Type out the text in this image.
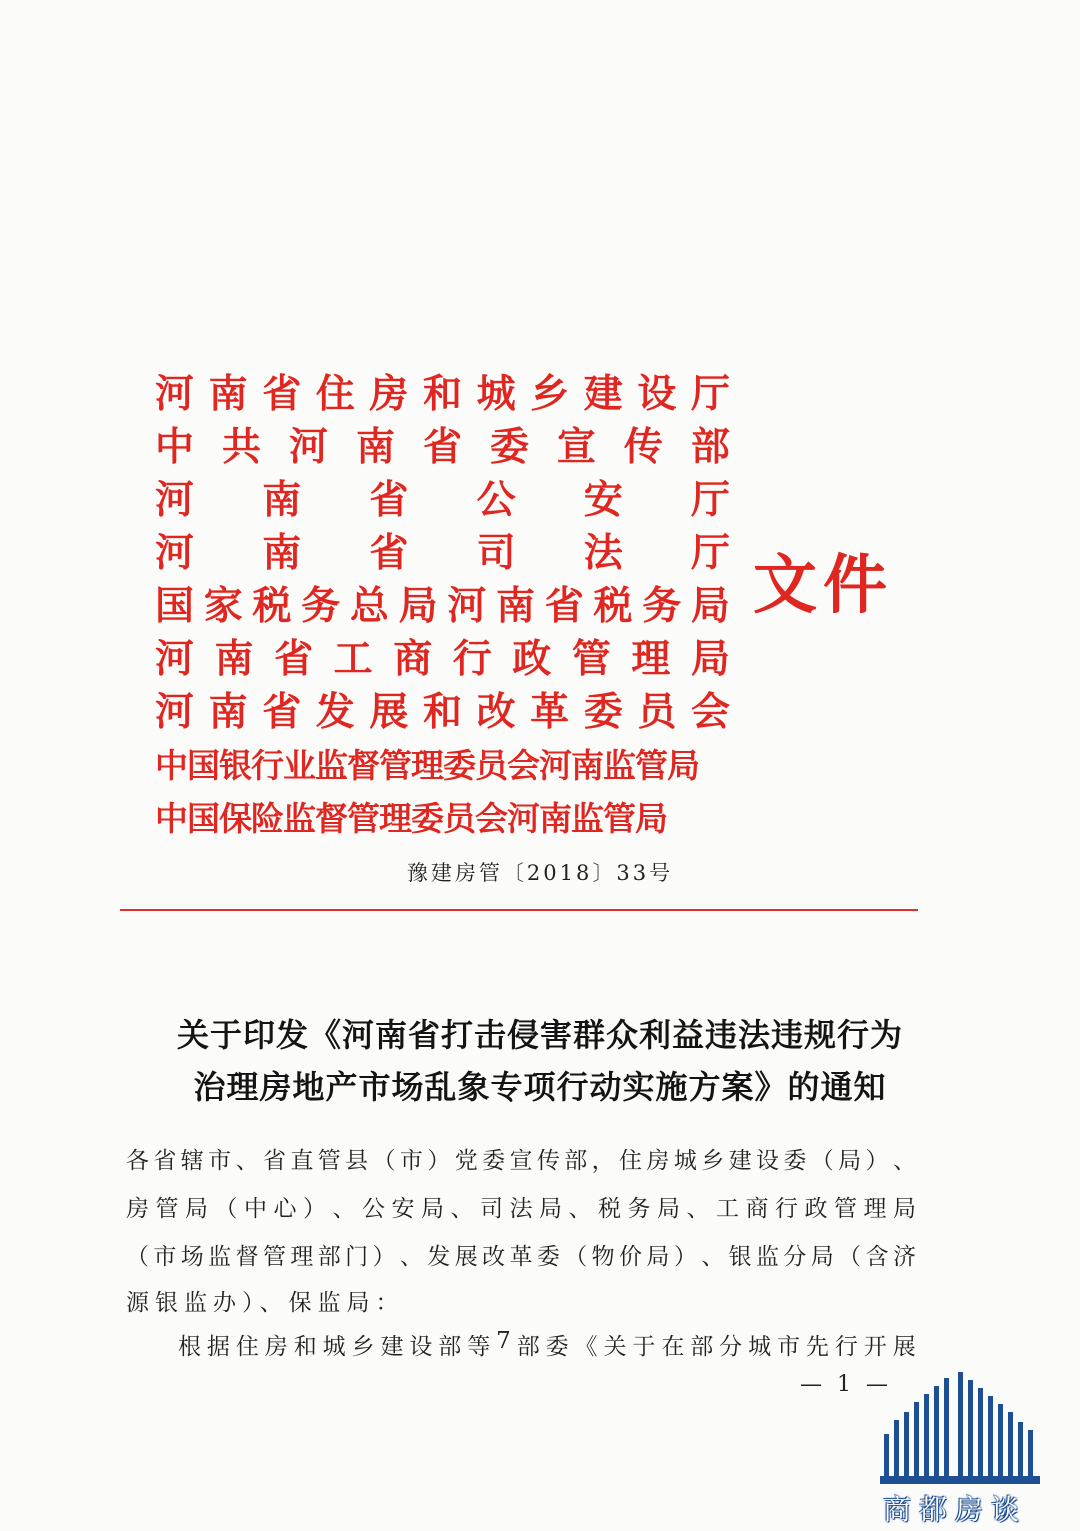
河 南 省 住 房 和 城 乡 建 设 厅
中 共 河 南 省 委 宣 传 部
河 南 省 公 安 厅
河 南 省 司 法 厅
国 家 税 务 总 局 河 南 省 税 务 局
河 南 省 工 商 行 政 管 理 局
河 南 省 发 展 和 改 革 委 员 会
中国银行业监督管理委员会河南监管局
中国保险监督管理委员会河南监管局
文件
豫建房管〔2018〕33号
关于印发《河南省打击侵害群众利益违法违规行为
治理房地产市场乱象专项行动实施方案》的通知
各 省 辖 市 、 省 直 管 县 （ 市 ） 党 委 宣 传 部 ， 住 房 城 乡 建 设 委 （ 局 ） 、
房 管 局 （ 中 心 ） 、 公 安 局 、 司 法 局 、 税 务 局 、 工 商 行 政 管 理 局
（ 市 场 监 督 管 理 部 门 ） 、 发 展 改 革 委 （ 物 价 局 ） 、 银 监 分 局 （ 含 济
源银监办）、保监局：
根 据 住 房 和 城 乡 建 设 部 等 7 部 委 《 关 于 在 部 分 城 市 先 行 开 展
— 1 —
商都房谈
